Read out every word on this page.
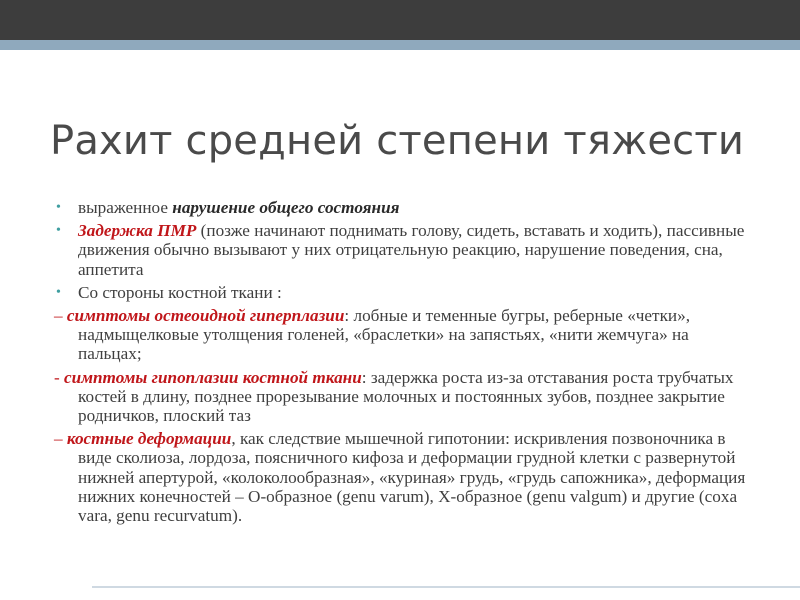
Рахит средней степени тяжести

• выраженное нарушение общего состояния

• Задержка ПМР (позже начинают поднимать голову, сидеть, вставать и ходить), пассивные движения обычно вызывают у них отрицательную реакцию, нарушение поведения, сна, аппетита

• Со стороны костной ткани :

– симптомы остеоидной гиперплазии: лобные и теменные бугры, реберные «четки», надмыщелковые утолщения голеней, «браслетки» на запястьях, «нити жемчуга» на пальцах;

- симптомы гипоплазии костной ткани: задержка роста из-за отставания роста трубчатых костей в длину, позднее прорезывание молочных и постоянных зубов, позднее закрытие родничков, плоский таз

– костные деформации, как следствие мышечной гипотонии: искривления позвоночника в виде сколиоза, лордоза, поясничного кифоза и деформации грудной клетки с развернутой нижней апертурой, «колоколообразная», «куриная» грудь, «грудь сапожника», деформация нижних конечностей – О-образное (genu varum), Х-образное (genu valgum) и другие (coxa vara, genu recurvatum).
